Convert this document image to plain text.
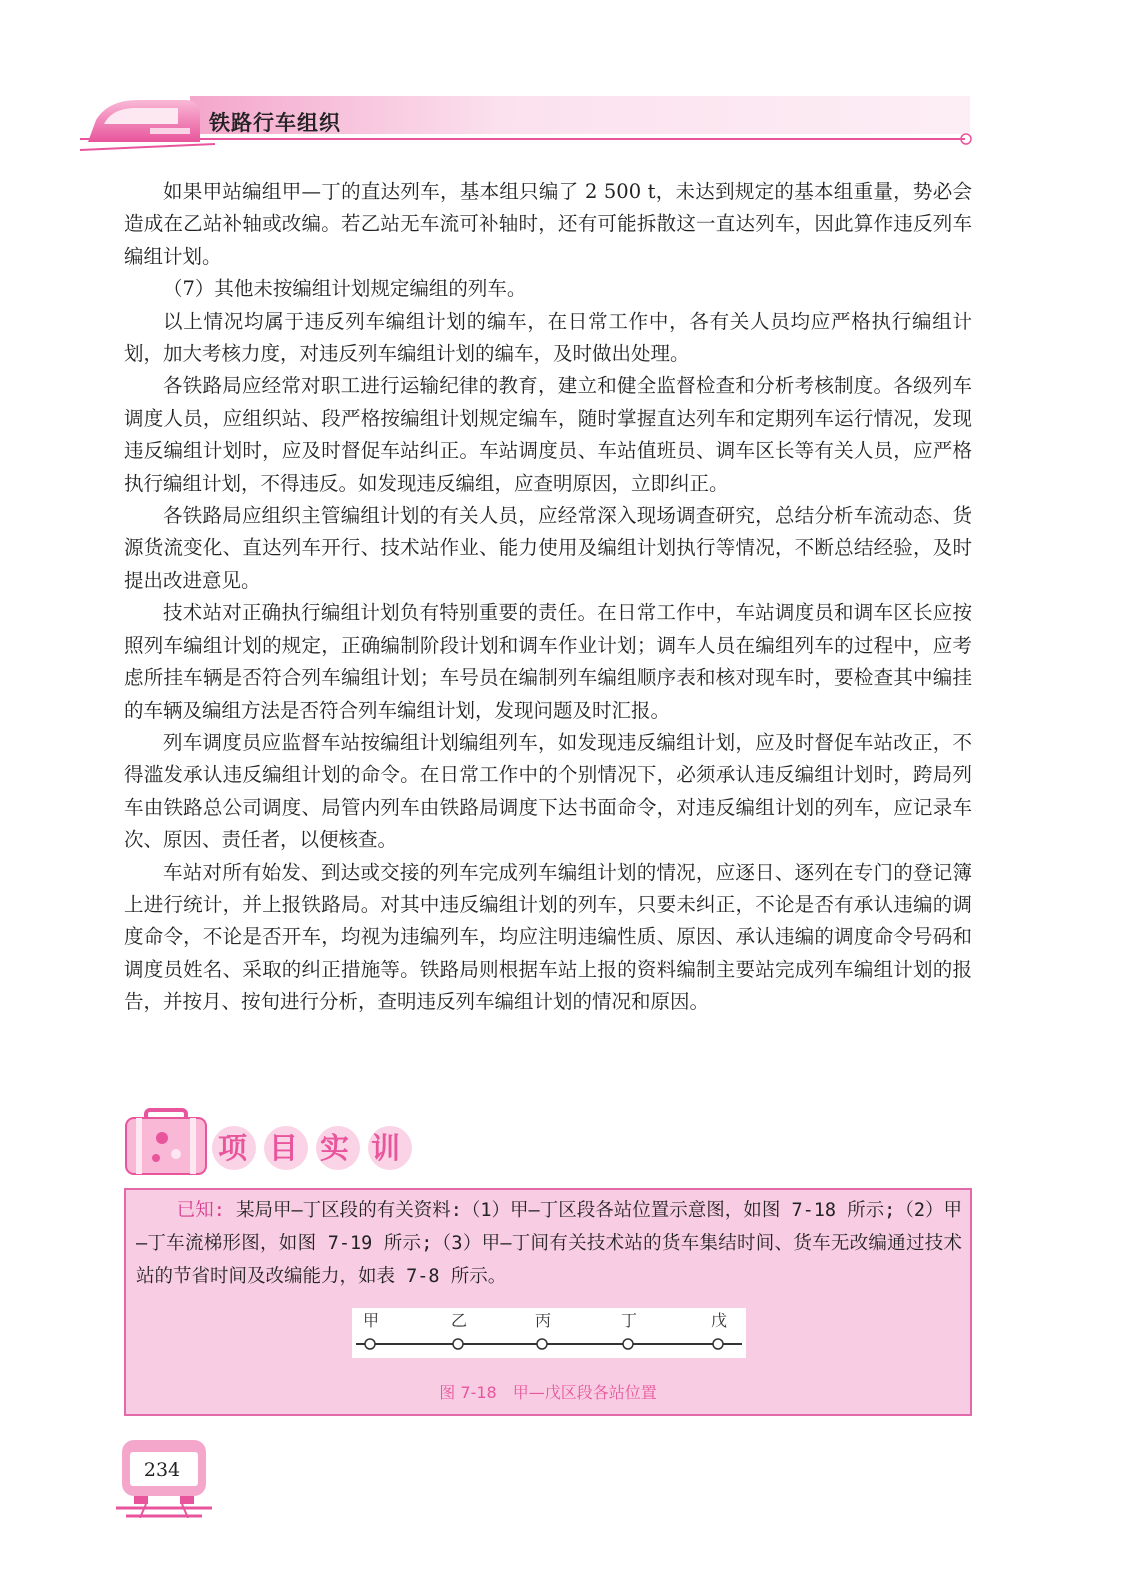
铁路行车组织

如果甲站编组甲—丁的直达列车，基本组只编了 2 500 t，未达到规定的基本组重量，势必会造成在乙站补轴或改编。若乙站无车流可补轴时，还有可能拆散这一直达列车，因此算作违反列车编组计划。

（7）其他未按编组计划规定编组的列车。

以上情况均属于违反列车编组计划的编车，在日常工作中，各有关人员均应严格执行编组计划，加大考核力度，对违反列车编组计划的编车，及时做出处理。

各铁路局应经常对职工进行运输纪律的教育，建立和健全监督检查和分析考核制度。各级列车调度人员，应组织站、段严格按编组计划规定编车，随时掌握直达列车和定期列车运行情况，发现违反编组计划时，应及时督促车站纠正。车站调度员、车站值班员、调车区长等有关人员，应严格执行编组计划，不得违反。如发现违反编组，应查明原因，立即纠正。

各铁路局应组织主管编组计划的有关人员，应经常深入现场调查研究，总结分析车流动态、货源货流变化、直达列车开行、技术站作业、能力使用及编组计划执行等情况，不断总结经验，及时提出改进意见。

技术站对正确执行编组计划负有特别重要的责任。在日常工作中，车站调度员和调车区长应按照列车编组计划的规定，正确编制阶段计划和调车作业计划；调车人员在编组列车的过程中，应考虑所挂车辆是否符合列车编组计划；车号员在编制列车编组顺序表和核对现车时，要检查其中编挂的车辆及编组方法是否符合列车编组计划，发现问题及时汇报。

列车调度员应监督车站按编组计划编组列车，如发现违反编组计划，应及时督促车站改正，不得滥发承认违反编组计划的命令。在日常工作中的个别情况下，必须承认违反编组计划时，跨局列车由铁路总公司调度、局管内列车由铁路局调度下达书面命令，对违反编组计划的列车，应记录车次、原因、责任者，以便核查。

车站对所有始发、到达或交接的列车完成列车编组计划的情况，应逐日、逐列在专门的登记簿上进行统计，并上报铁路局。对其中违反编组计划的列车，只要未纠正，不论是否有承认违编的调度命令，不论是否开车，均视为违编列车，均应注明违编性质、原因、承认违编的调度命令号码和调度员姓名、采取的纠正措施等。铁路局则根据车站上报的资料编制主要站完成列车编组计划的报告，并按月、按旬进行分析，查明违反列车编组计划的情况和原因。

项目实训
已知: 某局甲—丁区段的有关资料:（1）甲—丁区段各站位置示意图，如图 7-18 所示;（2）甲—丁车流梯形图，如图 7-19 所示;（3）甲—丁间有关技术站的货车集结时间、货车无改编通过技术站的节省时间及改编能力，如表 7-8 所示。
甲	乙	丙	丁	戊
图 7-18　甲—戊区段各站位置
234
